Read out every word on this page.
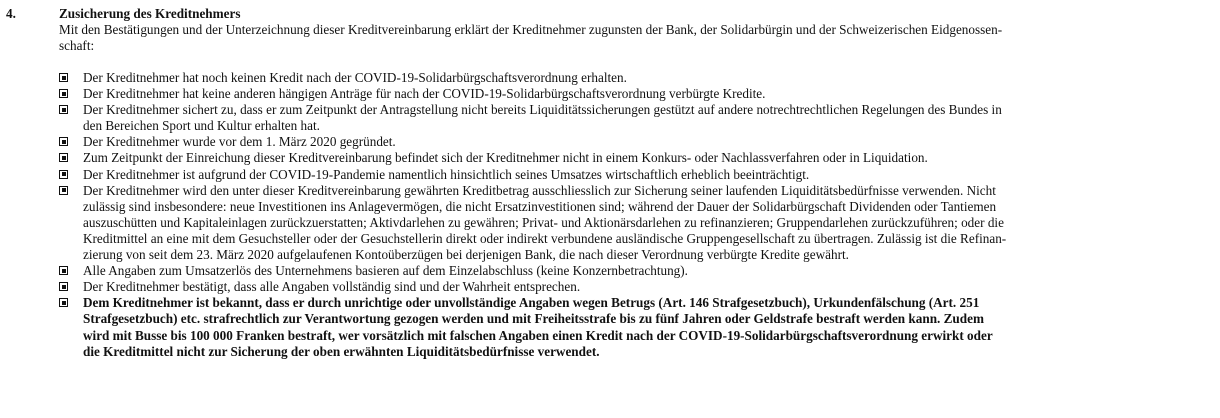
4.	Zusicherung des Kreditnehmers
Mit den Bestätigungen und der Unterzeichnung dieser Kreditvereinbarung erklärt der Kreditnehmer zugunsten der Bank, der Solidarbürgin und der Schweizerischen Eidgenossen-
schaft:
Der Kreditnehmer hat noch keinen Kredit nach der COVID-19-Solidarbürgschaftsverordnung erhalten.
Der Kreditnehmer hat keine anderen hängigen Anträge für nach der COVID-19-Solidarbürgschaftsverordnung verbürgte Kredite.
Der Kreditnehmer sichert zu, dass er zum Zeitpunkt der Antragstellung nicht bereits Liquiditätssicherungen gestützt auf andere notrechtrechtlichen Regelungen des Bundes in
den Bereichen Sport und Kultur erhalten hat.
Der Kreditnehmer wurde vor dem 1. März 2020 gegründet.
Zum Zeitpunkt der Einreichung dieser Kreditvereinbarung befindet sich der Kreditnehmer nicht in einem Konkurs- oder Nachlassverfahren oder in Liquidation.
Der Kreditnehmer ist aufgrund der COVID-19-Pandemie namentlich hinsichtlich seines Umsatzes wirtschaftlich erheblich beeinträchtigt.
Der Kreditnehmer wird den unter dieser Kreditvereinbarung gewährten Kreditbetrag ausschliesslich zur Sicherung seiner laufenden Liquiditätsbedürfnisse verwenden. Nicht
zulässig sind insbesondere: neue Investitionen ins Anlagevermögen, die nicht Ersatzinvestitionen sind; während der Dauer der Solidarbürgschaft Dividenden oder Tantiemen
auszuschütten und Kapitaleinlagen zurückzuerstatten; Aktivdarlehen zu gewähren; Privat- und Aktionärsdarlehen zu refinanzieren; Gruppendarlehen zurückzuführen; oder die
Kreditmittel an eine mit dem Gesuchsteller oder der Gesuchstellerin direkt oder indirekt verbundene ausländische Gruppengesellschaft zu übertragen. Zulässig ist die Refinan-
zierung von seit dem 23. März 2020 aufgelaufenen Kontoüberzügen bei derjenigen Bank, die nach dieser Verordnung verbürgte Kredite gewährt.
Alle Angaben zum Umsatzerlös des Unternehmens basieren auf dem Einzelabschluss (keine Konzernbetrachtung).
Der Kreditnehmer bestätigt, dass alle Angaben vollständig sind und der Wahrheit entsprechen.
Dem Kreditnehmer ist bekannt, dass er durch unrichtige oder unvollständige Angaben wegen Betrugs (Art. 146 Strafgesetzbuch), Urkundenfälschung (Art. 251
Strafgesetzbuch) etc. strafrechtlich zur Verantwortung gezogen werden und mit Freiheitsstrafe bis zu fünf Jahren oder Geldstrafe bestraft werden kann. Zudem
wird mit Busse bis 100 000 Franken bestraft, wer vorsätzlich mit falschen Angaben einen Kredit nach der COVID-19-Solidarbürgschaftsverordnung erwirkt oder
die Kreditmittel nicht zur Sicherung der oben erwähnten Liquiditätsbedürfnisse verwendet.
